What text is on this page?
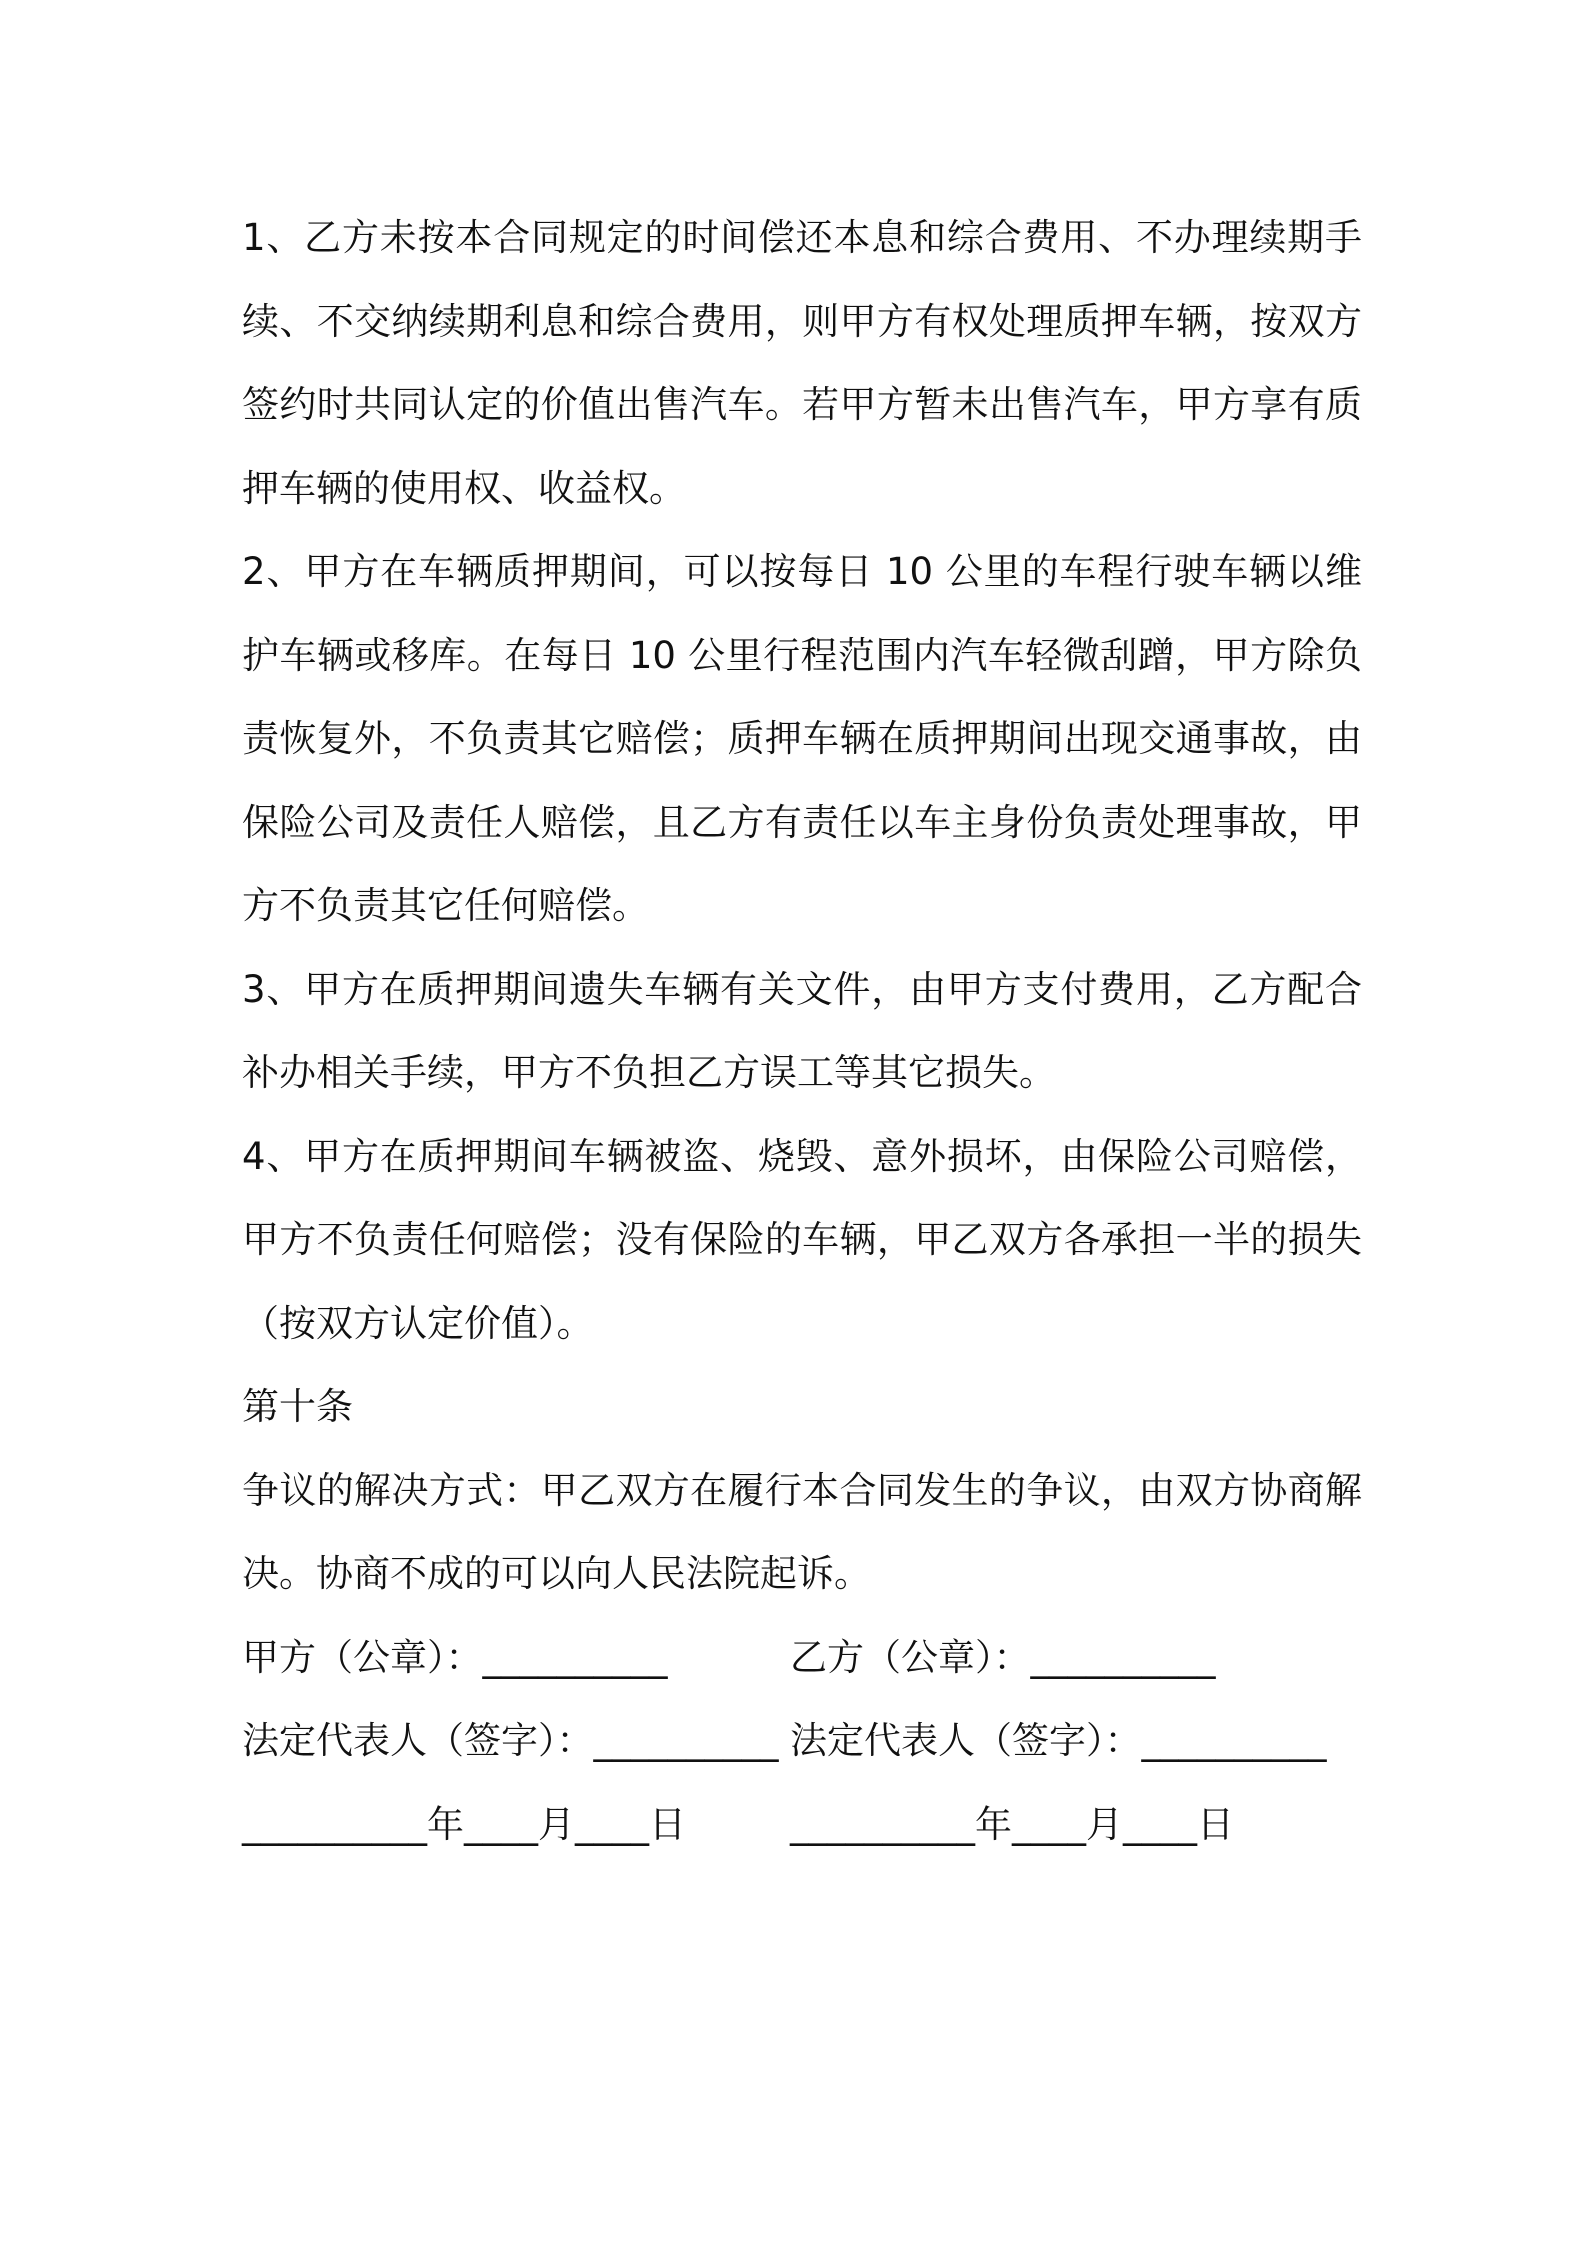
1、乙方未按本合同规定的时间偿还本息和综合费用、不办理续期手续、不交纳续期利息和综合费用，则甲方有权处理质押车辆，按双方签约时共同认定的价值出售汽车。若甲方暂未出售汽车，甲方享有质押车辆的使用权、收益权。

2、甲方在车辆质押期间，可以按每日 10 公里的车程行驶车辆以维护车辆或移库。在每日 10 公里行程范围内汽车轻微刮蹭，甲方除负责恢复外，不负责其它赔偿；质押车辆在质押期间出现交通事故，由保险公司及责任人赔偿，且乙方有责任以车主身份负责处理事故，甲方不负责其它任何赔偿。

3、甲方在质押期间遗失车辆有关文件，由甲方支付费用，乙方配合补办相关手续，甲方不负担乙方误工等其它损失。

4、甲方在质押期间车辆被盗、烧毁、意外损坏，由保险公司赔偿，甲方不负责任何赔偿；没有保险的车辆，甲乙双方各承担一半的损失（按双方认定价值）。

第十条

争议的解决方式：甲乙双方在履行本合同发生的争议，由双方协商解决。协商不成的可以向人民法院起诉。

甲方（公章）：__________

	乙方（公章）：__________

法定代表人（签字）：__________

法定代表人（签字）：__________

__________年____月____日

	__________年____月____日
